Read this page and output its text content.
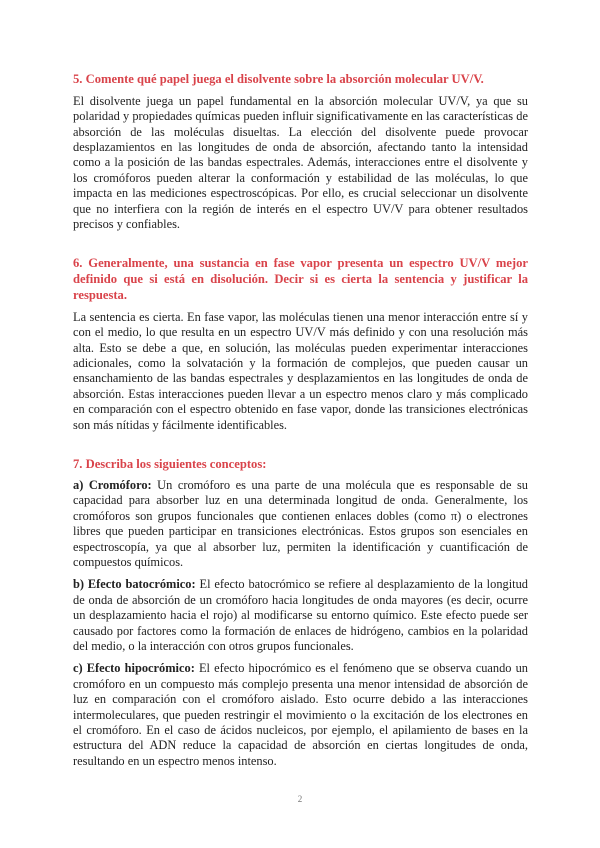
5. Comente qué papel juega el disolvente sobre la absorción molecular UV/V.

El disolvente juega un papel fundamental en la absorción molecular UV/V, ya que su polaridad y propiedades químicas pueden influir significativamente en las características de absorción de las moléculas disueltas. La elección del disolvente puede provocar desplazamientos en las longitudes de onda de absorción, afectando tanto la intensidad como a la posición de las bandas espectrales. Además, interacciones entre el disolvente y los cromóforos pueden alterar la conformación y estabilidad de las moléculas, lo que impacta en las mediciones espectroscópicas. Por ello, es crucial seleccionar un disolvente que no interfiera con la región de interés en el espectro UV/V para obtener resultados precisos y confiables.

6. Generalmente, una sustancia en fase vapor presenta un espectro UV/V mejor definido que si está en disolución. Decir si es cierta la sentencia y justificar la respuesta.

La sentencia es cierta. En fase vapor, las moléculas tienen una menor interacción entre sí y con el medio, lo que resulta en un espectro UV/V más definido y con una resolución más alta. Esto se debe a que, en solución, las moléculas pueden experimentar interacciones adicionales, como la solvatación y la formación de complejos, que pueden causar un ensanchamiento de las bandas espectrales y desplazamientos en las longitudes de onda de absorción. Estas interacciones pueden llevar a un espectro menos claro y más complicado en comparación con el espectro obtenido en fase vapor, donde las transiciones electrónicas son más nítidas y fácilmente identificables.

7. Describa los siguientes conceptos:

a) Cromóforo: Un cromóforo es una parte de una molécula que es responsable de su capacidad para absorber luz en una determinada longitud de onda. Generalmente, los cromóforos son grupos funcionales que contienen enlaces dobles (como π) o electrones libres que pueden participar en transiciones electrónicas. Estos grupos son esenciales en espectroscopía, ya que al absorber luz, permiten la identificación y cuantificación de compuestos químicos.

b) Efecto batocrómico: El efecto batocrómico se refiere al desplazamiento de la longitud de onda de absorción de un cromóforo hacia longitudes de onda mayores (es decir, ocurre un desplazamiento hacia el rojo) al modificarse su entorno químico. Este efecto puede ser causado por factores como la formación de enlaces de hidrógeno, cambios en la polaridad del medio, o la interacción con otros grupos funcionales.

c) Efecto hipocrómico: El efecto hipocrómico es el fenómeno que se observa cuando un cromóforo en un compuesto más complejo presenta una menor intensidad de absorción de luz en comparación con el cromóforo aislado. Esto ocurre debido a las interacciones intermoleculares, que pueden restringir el movimiento o la excitación de los electrones en el cromóforo. En el caso de ácidos nucleicos, por ejemplo, el apilamiento de bases en la estructura del ADN reduce la capacidad de absorción en ciertas longitudes de onda, resultando en un espectro menos intenso.

2
